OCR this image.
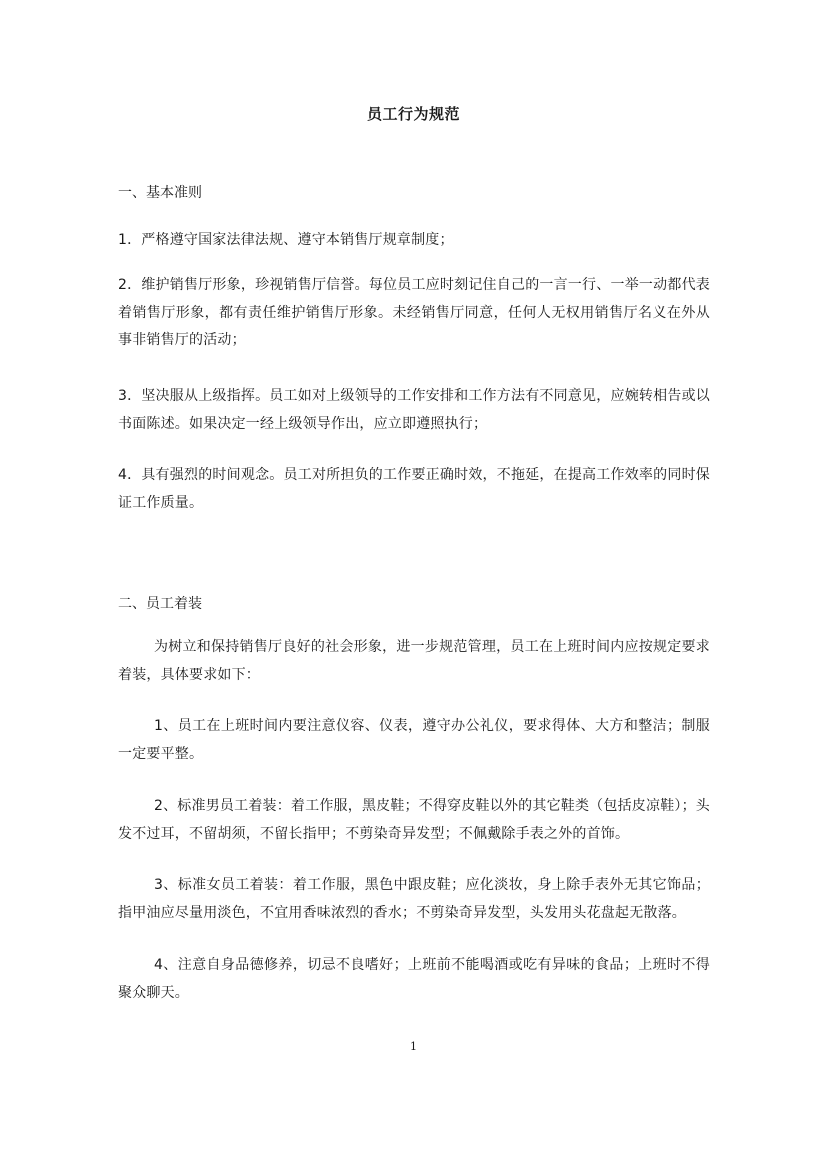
员工行为规范
一、基本准则
1．严格遵守国家法律法规、遵守本销售厅规章制度；
2．维护销售厅形象，珍视销售厅信誉。每位员工应时刻记住自己的一言一行、一举一动都代表着销售厅形象，都有责任维护销售厅形象。未经销售厅同意，任何人无权用销售厅名义在外从事非销售厅的活动；
3．坚决服从上级指挥。员工如对上级领导的工作安排和工作方法有不同意见，应婉转相告或以书面陈述。如果决定一经上级领导作出，应立即遵照执行；
4．具有强烈的时间观念。员工对所担负的工作要正确时效，不拖延，在提高工作效率的同时保证工作质量。
二、员工着装
为树立和保持销售厅良好的社会形象，进一步规范管理，员工在上班时间内应按规定要求着装，具体要求如下：
1、员工在上班时间内要注意仪容、仪表，遵守办公礼仪，要求得体、大方和整洁；制服一定要平整。
2、标准男员工着装：着工作服，黑皮鞋；不得穿皮鞋以外的其它鞋类（包括皮凉鞋）；头发不过耳，不留胡须，不留长指甲；不剪染奇异发型；不佩戴除手表之外的首饰。
3、标准女员工着装：着工作服，黑色中跟皮鞋；应化淡妆，身上除手表外无其它饰品；指甲油应尽量用淡色，不宜用香味浓烈的香水；不剪染奇异发型，头发用头花盘起无散落。
4、注意自身品德修养，切忌不良嗜好；上班前不能喝酒或吃有异味的食品；上班时不得聚众聊天。
1
